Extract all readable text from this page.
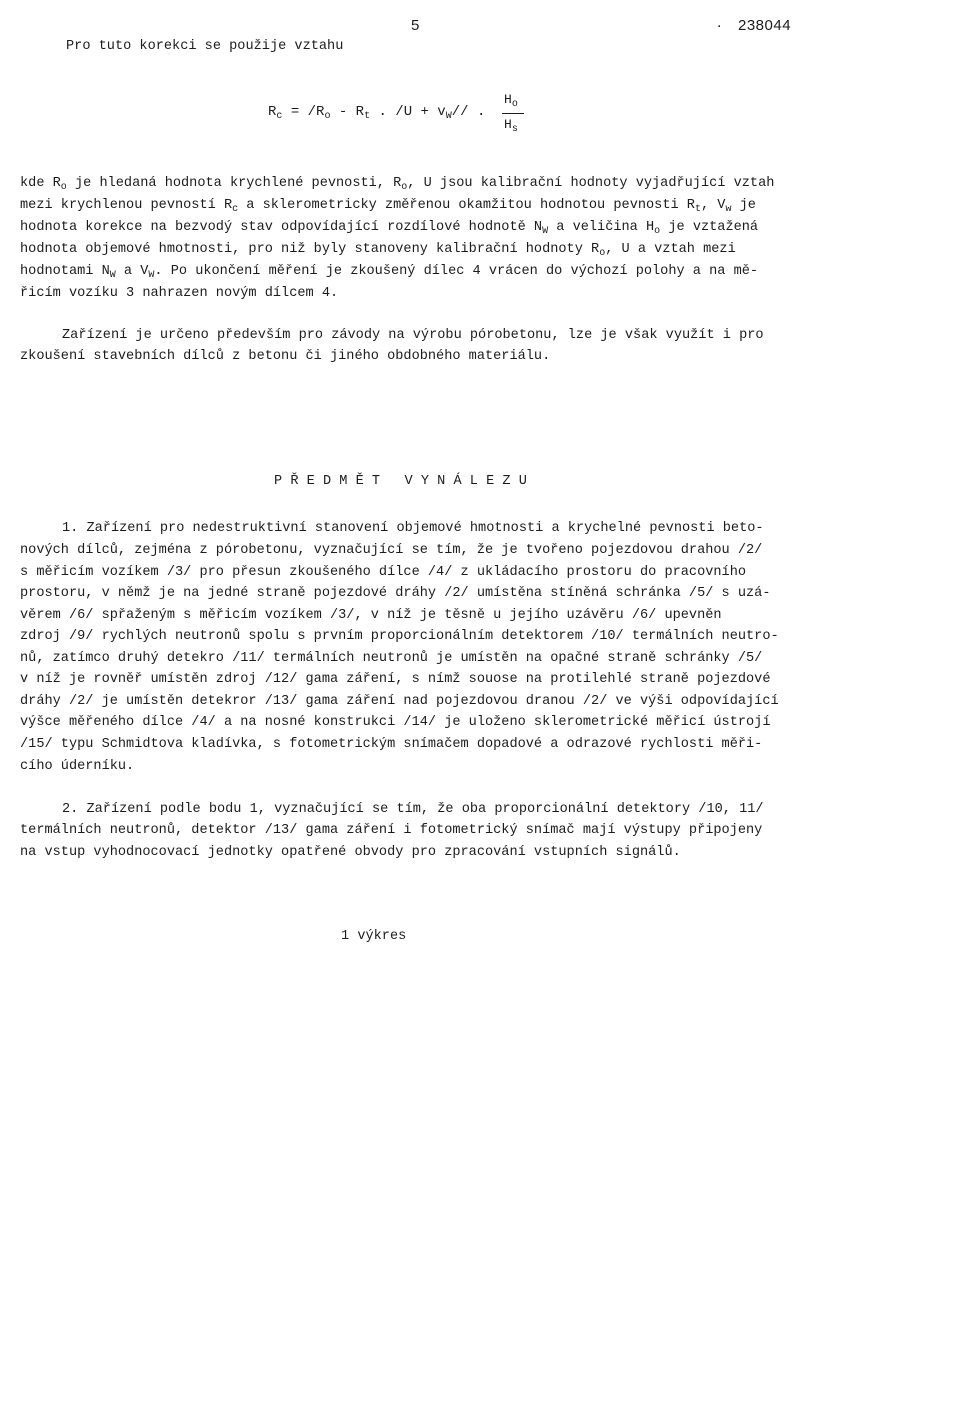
5	. 238044
Pro tuto korekci se použije vztahu
$R_c = /R_o - R_t$ . $/U + v_W//$ .
$H_o$
$H_s$
kde $R_o$ je hledaná hodnota krychlené pevnosti, $R_o$, U jsou kalibrační hodnoty vyjadřující vztah
mezi krychlenou pevností $R_c$ a sklerometricky změřenou okamžitou hodnotou pevnosti $R_t$, $V_w$ je
hodnota korekce na bezvodý stav odpovídající rozdílové hodnotě $N_W$ a veličina $H_o$ je vztažená
hodnota objemové hmotnosti, pro niž byly stanoveny kalibrační hodnoty $R_o$, U a vztah mezi
hodnotami $N_W$ a $V_W$. Po ukončení měření je zkoušený dílec 4 vrácen do výchozí polohy a na mě-
řicím vozíku 3 nahrazen novým dílcem 4.
Zařízení je určeno především pro závody na výrobu pórobetonu, lze je však využít i pro
zkoušení stavebních dílců z betonu či jiného obdobného materiálu.
P Ř E D M Ě T   V Y N Á L E Z U
1. Zařízení pro nedestruktivní stanovení objemové hmotnosti a krychelné pevnosti beto-
nových dílců, zejména z pórobetonu, vyznačující se tím, že je tvořeno pojezdovou drahou /2/
s měřicím vozíkem /3/ pro přesun zkoušeného dílce /4/ z ukládacího prostoru do pracovního
prostoru, v němž je na jedné straně pojezdové dráhy /2/ umístěna stíněná schránka /5/ s uzá-
věrem /6/ spřaženým s měřicím vozíkem /3/, v níž je těsně u jejího uzávěru /6/ upevněn
zdroj /9/ rychlých neutronů spolu s prvním proporcionálním detektorem /10/ termálních neutro-
nů, zatímco druhý detekro /11/ termálních neutronů je umístěn na opačné straně schránky /5/
v níž je rovněř umístěn zdroj /12/ gama záření, s nímž souose na protilehlé straně pojezdové
dráhy /2/ je umístěn detekror /13/ gama záření nad pojezdovou dranou /2/ ve výši odpovídající
výšce měřeného dílce /4/ a na nosné konstrukci /14/ je uloženo sklerometrické měřicí ústrojí
/15/ typu Schmidtova kladívka, s fotometrickým snímačem dopadové a odrazové rychlosti měři-
cího úderníku.
2. Zařízení podle bodu 1, vyznačující se tím, že oba proporcionální detektory /10, 11/
termálních neutronů, detektor /13/ gama záření i fotometrický snímač mají výstupy připojeny
na vstup vyhodnocovací jednotky opatřené obvody pro zpracování vstupních signálů.
1 výkres
